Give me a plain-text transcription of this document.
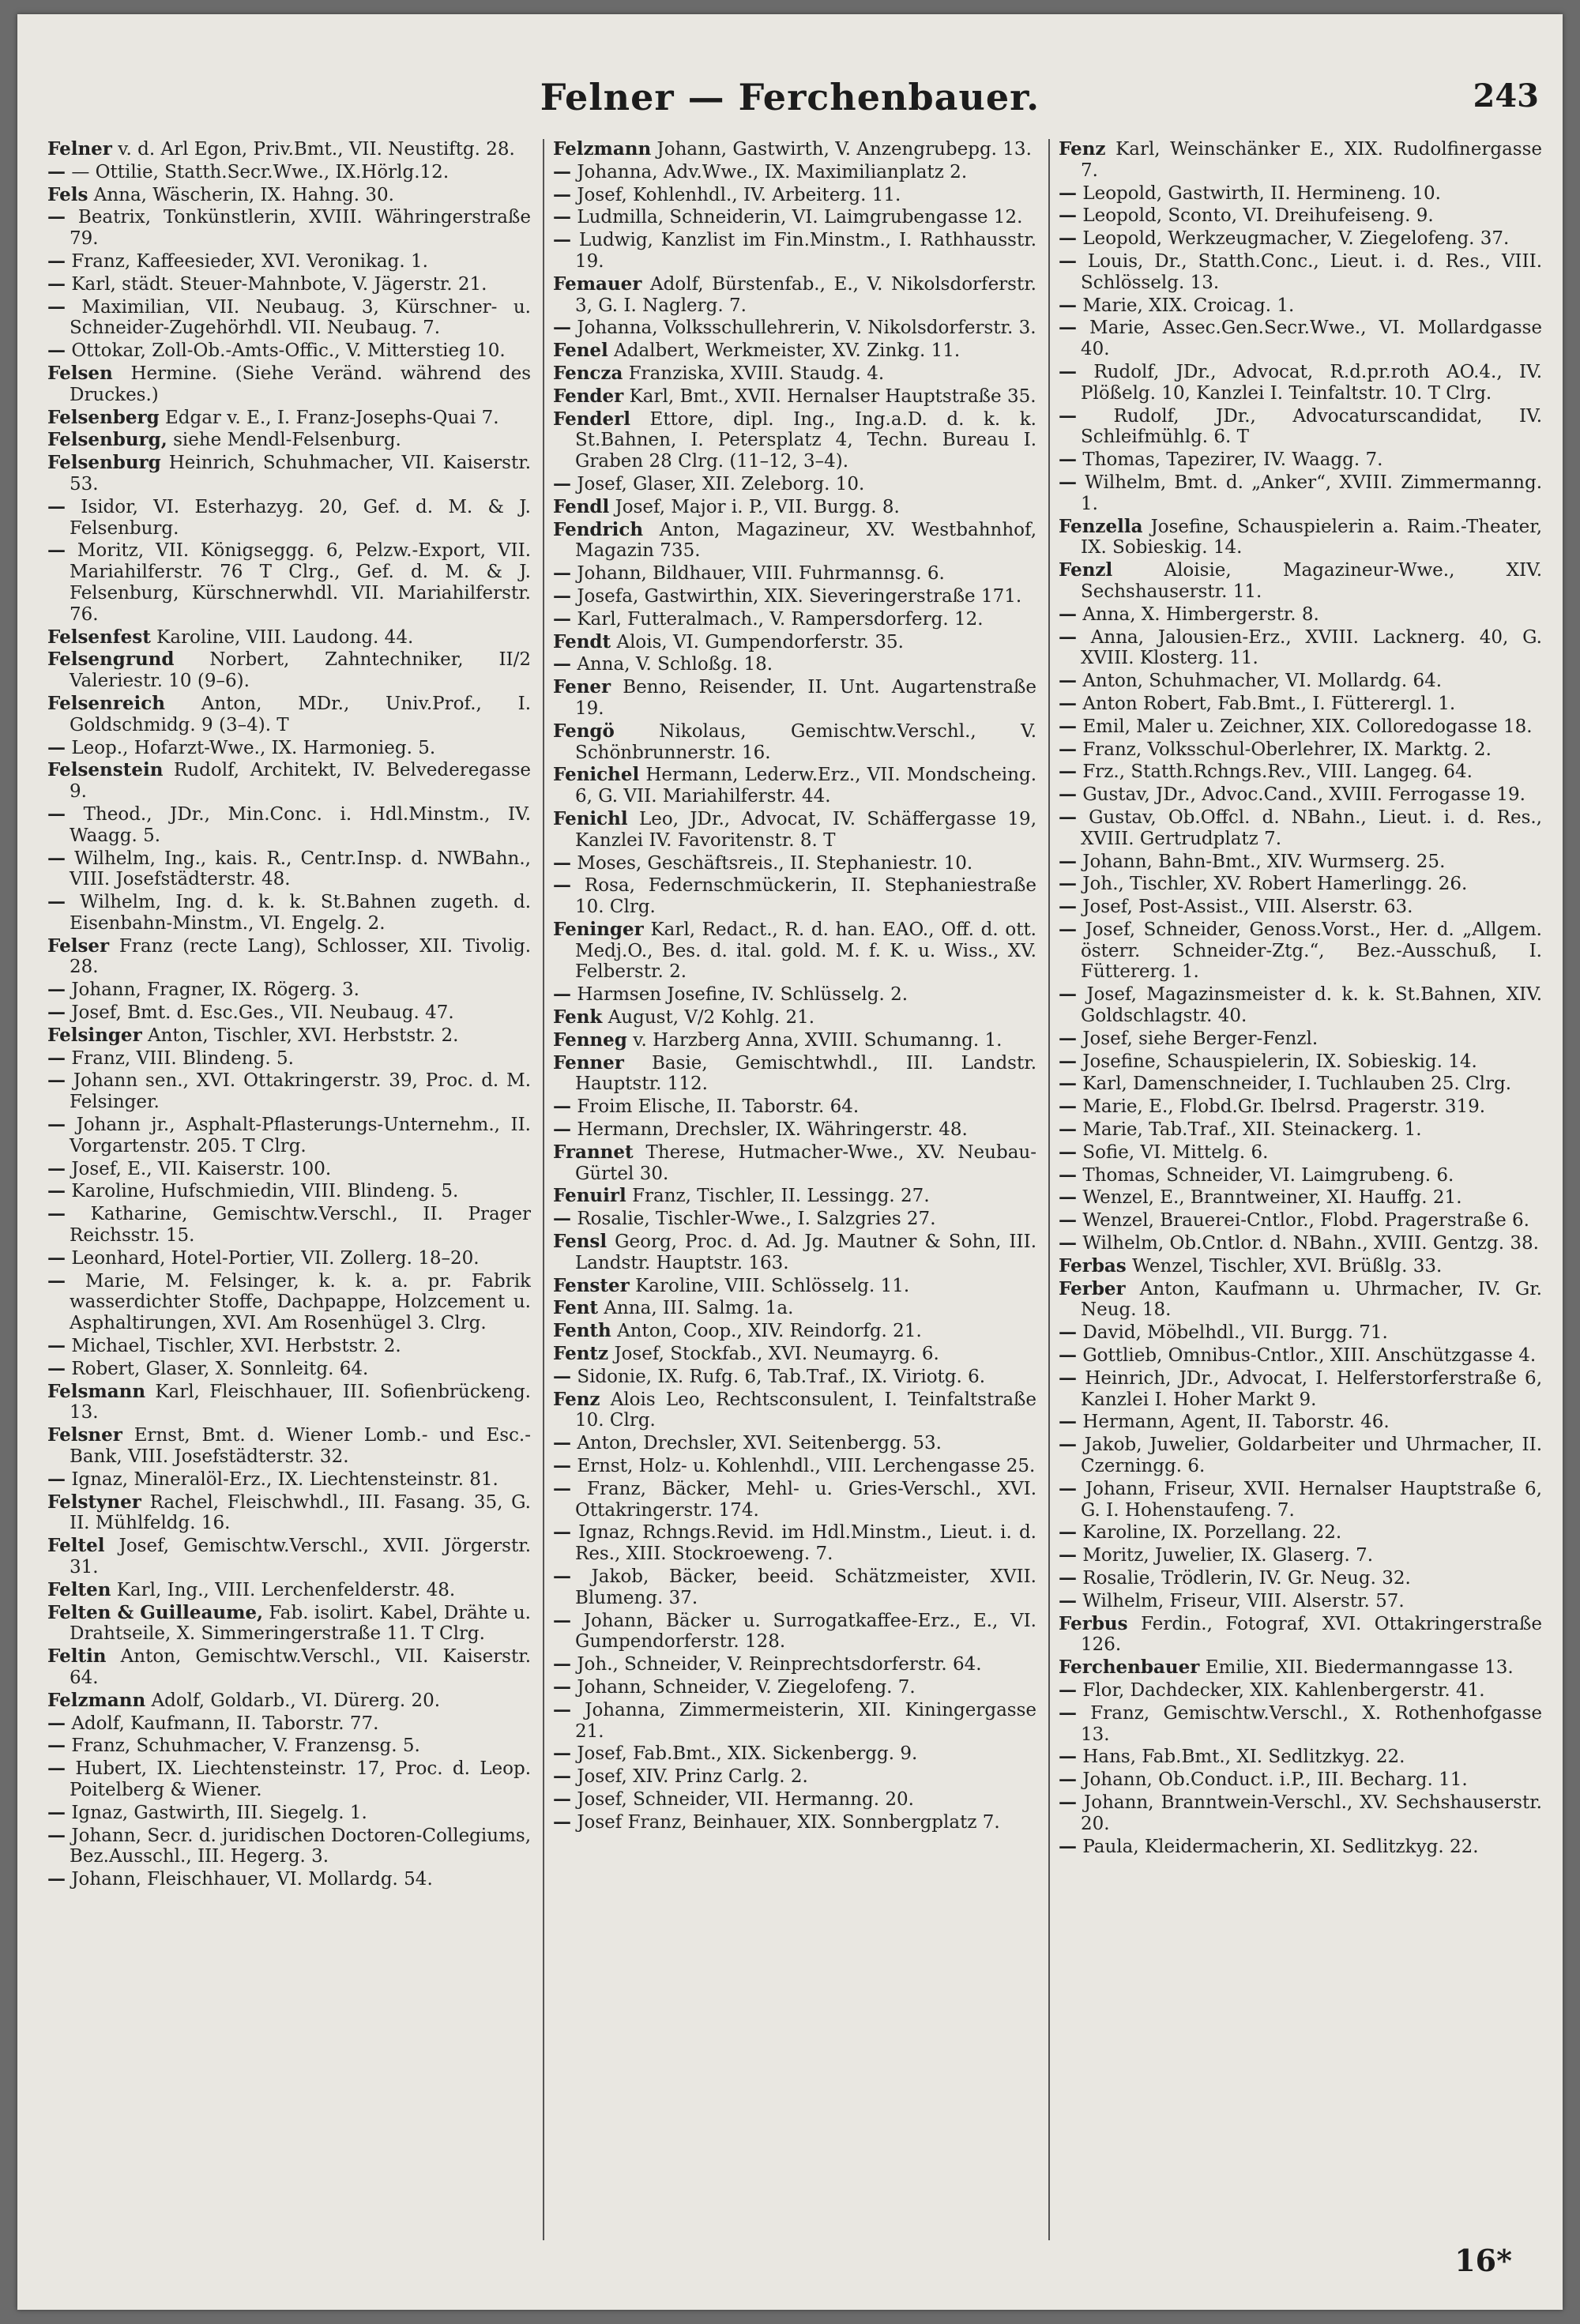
Felner — Ferchenbauer.	243
Felner v. d. Arl Egon, Priv.Bmt., VII. Neustiftg. 28.
— — Ottilie, Statth.Secr.Wwe., IX.Hörlg.12.
Fels Anna, Wäscherin, IX. Hahng. 30.
— Beatrix, Tonkünstlerin, XVIII. Währingerstraße 79.
— Franz, Kaffeesieder, XVI. Veronikag. 1.
— Karl, städt. Steuer-Mahnbote, V. Jägerstr. 21.
— Maximilian, VII. Neubaug. 3, Kürschner- u. Schneider-Zugehörhdl. VII. Neubaug. 7.
— Ottokar, Zoll-Ob.-Amts-Offic., V. Mitterstieg 10.
Felsen Hermine. (Siehe Veränd. während des Druckes.)
Felsenberg Edgar v. E., I. Franz-Josephs-Quai 7.
Felsenburg, siehe Mendl-Felsenburg.
Felsenburg Heinrich, Schuhmacher, VII. Kaiserstr. 53.
— Isidor, VI. Esterhazyg. 20, Gef. d. M. & J. Felsenburg.
— Moritz, VII. Königseggg. 6, Pelzw.-Export, VII. Mariahilferstr. 76 T Clrg., Gef. d. M. & J. Felsenburg, Kürschnerwhdl. VII. Mariahilferstr. 76.
Felsenfest Karoline, VIII. Laudong. 44.
Felsengrund Norbert, Zahntechniker, II/2 Valeriestr. 10 (9–6).
Felsenreich Anton, MDr., Univ.Prof., I. Goldschmidg. 9 (3–4). T
— Leop., Hofarzt-Wwe., IX. Harmonieg. 5.
Felsenstein Rudolf, Architekt, IV. Belvederegasse 9.
— Theod., JDr., Min.Conc. i. Hdl.Minstm., IV. Waagg. 5.
— Wilhelm, Ing., kais. R., Centr.Insp. d. NWBahn., VIII. Josefstädterstr. 48.
— Wilhelm, Ing. d. k. k. St.Bahnen zugeth. d. Eisenbahn-Minstm., VI. Engelg. 2.
Felser Franz (recte Lang), Schlosser, XII. Tivolig. 28.
— Johann, Fragner, IX. Rögerg. 3.
— Josef, Bmt. d. Esc.Ges., VII. Neubaug. 47.
Felsinger Anton, Tischler, XVI. Herbststr. 2.
— Franz, VIII. Blindeng. 5.
— Johann sen., XVI. Ottakringerstr. 39, Proc. d. M. Felsinger.
— Johann jr., Asphalt-Pflasterungs-Unternehm., II. Vorgartenstr. 205. T Clrg.
— Josef, E., VII. Kaiserstr. 100.
— Karoline, Hufschmiedin, VIII. Blindeng. 5.
— Katharine, Gemischtw.Verschl., II. Prager Reichsstr. 15.
— Leonhard, Hotel-Portier, VII. Zollerg. 18–20.
— Marie, M. Felsinger, k. k. a. pr. Fabrik wasserdichter Stoffe, Dachpappe, Holzcement u. Asphaltirungen, XVI. Am Rosenhügel 3. Clrg.
— Michael, Tischler, XVI. Herbststr. 2.
— Robert, Glaser, X. Sonnleitg. 64.
Felsmann Karl, Fleischhauer, III. Sofienbrückeng. 13.
Felsner Ernst, Bmt. d. Wiener Lomb.- und Esc.-Bank, VIII. Josefstädterstr. 32.
— Ignaz, Mineralöl-Erz., IX. Liechtensteinstr. 81.
Felstyner Rachel, Fleischwhdl., III. Fasang. 35, G. II. Mühlfeldg. 16.
Feltel Josef, Gemischtw.Verschl., XVII. Jörgerstr. 31.
Felten Karl, Ing., VIII. Lerchenfelderstr. 48.
Felten & Guilleaume, Fab. isolirt. Kabel, Drähte u. Drahtseile, X. Simmeringerstraße 11. T Clrg.
Feltin Anton, Gemischtw.Verschl., VII. Kaiserstr. 64.
Felzmann Adolf, Goldarb., VI. Dürerg. 20.
— Adolf, Kaufmann, II. Taborstr. 77.
— Franz, Schuhmacher, V. Franzensg. 5.
— Hubert, IX. Liechtensteinstr. 17, Proc. d. Leop. Poitelberg & Wiener.
— Ignaz, Gastwirth, III. Siegelg. 1.
— Johann, Secr. d. juridischen Doctoren-Collegiums, Bez.Ausschl., III. Hegerg. 3.
— Johann, Fleischhauer, VI. Mollardg. 54.
Felzmann Johann, Gastwirth, V. Anzengrubерg. 13.
— Johanna, Adv.Wwe., IX. Maximilianplatz 2.
— Josef, Kohlenhdl., IV. Arbeiterg. 11.
— Ludmilla, Schneiderin, VI. Laimgrubengasse 12.
— Ludwig, Kanzlist im Fin.Minstm., I. Rathhausstr. 19.
Femauer Adolf, Bürstenfab., E., V. Nikolsdorferstr. 3, G. I. Naglerg. 7.
— Johanna, Volksschullehrerin, V. Nikolsdorferstr. 3.
Fenel Adalbert, Werkmeister, XV. Zinkg. 11.
Fencza Franziska, XVIII. Staudg. 4.
Fender Karl, Bmt., XVII. Hernalser Hauptstraße 35.
Fenderl Ettore, dipl. Ing., Ing.a.D. d. k. k. St.Bahnen, I. Petersplatz 4, Techn. Bureau I. Graben 28 Clrg. (11–12, 3–4).
— Josef, Glaser, XII. Zeleborg. 10.
Fendl Josef, Major i. P., VII. Burgg. 8.
Fendrich Anton, Magazineur, XV. Westbahnhof, Magazin 735.
— Johann, Bildhauer, VIII. Fuhrmannsg. 6.
— Josefa, Gastwirthin, XIX. Sieveringerstraße 171.
— Karl, Futteralmach., V. Rampersdorferg. 12.
Fendt Alois, VI. Gumpendorferstr. 35.
— Anna, V. Schloßg. 18.
Fener Benno, Reisender, II. Unt. Augartenstraße 19.
Fengö Nikolaus, Gemischtw.Verschl., V. Schönbrunnerstr. 16.
Fenichel Hermann, Lederw.Erz., VII. Mondscheing. 6, G. VII. Mariahilferstr. 44.
Fenichl Leo, JDr., Advocat, IV. Schäffergasse 19, Kanzlei IV. Favoritenstr. 8. T
— Moses, Geschäftsreis., II. Stephaniestr. 10.
— Rosa, Federnschmückerin, II. Stephaniestraße 10. Clrg.
Feninger Karl, Redact., R. d. han. EAO., Off. d. ott. Medj.O., Bes. d. ital. gold. M. f. K. u. Wiss., XV. Felberstr. 2.
— Harmsen Josefine, IV. Schlüsselg. 2.
Fenk August, V/2 Kohlg. 21.
Fenneg v. Harzberg Anna, XVIII. Schumanng. 1.
Fenner Basie, Gemischtwhdl., III. Landstr. Hauptstr. 112.
— Froim Elische, II. Taborstr. 64.
— Hermann, Drechsler, IX. Währingerstr. 48.
Frannet Therese, Hutmacher-Wwe., XV. Neubau-Gürtel 30.
Fenuirl Franz, Tischler, II. Lessingg. 27.
— Rosalie, Tischler-Wwe., I. Salzgries 27.
Fensl Georg, Proc. d. Ad. Jg. Mautner & Sohn, III. Landstr. Hauptstr. 163.
Fenster Karoline, VIII. Schlösselg. 11.
Fent Anna, III. Salmg. 1a.
Fenth Anton, Coop., XIV. Reindorfg. 21.
Fentz Josef, Stockfab., XVI. Neumayrg. 6.
— Sidonie, IX. Rufg. 6, Tab.Traf., IX. Viriotg. 6.
Fenz Alois Leo, Rechtsconsulent, I. Teinfaltstraße 10. Clrg.
— Anton, Drechsler, XVI. Seitenbergg. 53.
— Ernst, Holz- u. Kohlenhdl., VIII. Lerchengasse 25.
— Franz, Bäcker, Mehl- u. Gries-Verschl., XVI. Ottakringerstr. 174.
— Ignaz, Rchngs.Revid. im Hdl.Minstm., Lieut. i. d. Res., XIII. Stockroeweng. 7.
— Jakob, Bäcker, beeid. Schätzmeister, XVII. Blumeng. 37.
— Johann, Bäcker u. Surrogatkaffee-Erz., E., VI. Gumpendorferstr. 128.
— Joh., Schneider, V. Reinprechtsdorferstr. 64.
— Johann, Schneider, V. Ziegelofeng. 7.
— Johanna, Zimmermeisterin, XII. Kiningergasse 21.
— Josef, Fab.Bmt., XIX. Sickenbergg. 9.
— Josef, XIV. Prinz Carlg. 2.
— Josef, Schneider, VII. Hermanng. 20.
— Josef Franz, Beinhauer, XIX. Sonnbergplatz 7.
Fenz Karl, Weinschänker E., XIX. Rudolfinergasse 7.
— Leopold, Gastwirth, II. Hermineng. 10.
— Leopold, Sconto, VI. Dreihufeiseng. 9.
— Leopold, Werkzeugmacher, V. Ziegelofeng. 37.
— Louis, Dr., Statth.Conc., Lieut. i. d. Res., VIII. Schlösselg. 13.
— Marie, XIX. Croicag. 1.
— Marie, Assec.Gen.Secr.Wwe., VI. Mollardgasse 40.
— Rudolf, JDr., Advocat, R.d.pr.roth AO.4., IV. Plößelg. 10, Kanzlei I. Teinfaltstr. 10. T Clrg.
— Rudolf, JDr., Advocaturscandidat, IV. Schleifmühlg. 6. T
— Thomas, Tapezirer, IV. Waagg. 7.
— Wilhelm, Bmt. d. „Anker“, XVIII. Zimmermanng. 1.
Fenzella Josefine, Schauspielerin a. Raim.-Theater, IX. Sobieskig. 14.
Fenzl	Aloisie, Magazineur-Wwe., XIV. Sechshauserstr. 11.
— Anna, X. Himbergerstr. 8.
— Anna, Jalousien-Erz., XVIII. Lacknerg. 40, G. XVIII. Klosterg. 11.
— Anton, Schuhmacher, VI. Mollardg. 64.
— Anton Robert, Fab.Bmt., I. Fütterergl. 1.
— Emil, Maler u. Zeichner, XIX. Colloredogasse 18.
— Franz, Volksschul-Oberlehrer, IX. Marktg. 2.
— Frz., Statth.Rchngs.Rev., VIII. Langeg. 64.
— Gustav, JDr., Advoc.Cand., XVIII. Ferrogasse 19.
— Gustav, Ob.Offcl. d. NBahn., Lieut. i. d. Res., XVIII. Gertrudplatz 7.
— Johann, Bahn-Bmt., XIV. Wurmserg. 25.
— Joh., Tischler, XV. Robert Hamerlingg. 26.
— Josef, Post-Assist., VIII. Alserstr. 63.
— Josef, Schneider, Genoss.Vorst., Her. d. „Allgem. österr. Schneider-Ztg.“, Bez.-Ausschuß, I. Füttererg. 1.
— Josef, Magazinsmeister d. k. k. St.Bahnen, XIV. Goldschlagstr. 40.
— Josef, siehe Berger-Fenzl.
— Josefine, Schauspielerin, IX. Sobieskig. 14.
— Karl, Damenschneider, I. Tuchlauben 25. Clrg.
— Marie, E., Flobd.Gr. Ibelrsd. Pragerstr. 319.
— Marie, Tab.Traf., XII. Steinackerg. 1.
— Sofie, VI. Mittelg. 6.
— Thomas, Schneider, VI. Laimgrubeng. 6.
— Wenzel, E., Branntweiner, XI. Hauffg. 21.
— Wenzel, Brauerei-Cntlor., Flobd. Pragerstraße 6.
— Wilhelm, Ob.Cntlor. d. NBahn., XVIII. Gentzg. 38.
Ferbas Wenzel, Tischler, XVI. Brüßlg. 33.
Ferber Anton, Kaufmann u. Uhrmacher, IV. Gr. Neug. 18.
— David, Möbelhdl., VII. Burgg. 71.
— Gottlieb, Omnibus-Cntlor., XIII. Anschützgasse 4.
— Heinrich, JDr., Advocat, I. Helferstorferstraße 6, Kanzlei I. Hoher Markt 9.
— Hermann, Agent, II. Taborstr. 46.
— Jakob, Juwelier, Goldarbeiter und Uhrmacher, II. Czerningg. 6.
— Johann, Friseur, XVII. Hernalser Hauptstraße 6, G. I. Hohenstaufeng. 7.
— Karoline, IX. Porzellang. 22.
— Moritz, Juwelier, IX. Glaserg. 7.
— Rosalie, Trödlerin, IV. Gr. Neug. 32.
— Wilhelm, Friseur, VIII. Alserstr. 57.
Ferbus Ferdin., Fotograf, XVI. Ottakringerstraße 126.
Ferchenbauer Emilie, XII. Biedermanngasse 13.
— Flor, Dachdecker, XIX. Kahlenbergerstr. 41.
— Franz, Gemischtw.Verschl., X. Rothenhofgasse 13.
— Hans, Fab.Bmt., XI. Sedlitzkyg. 22.
— Johann, Ob.Conduct. i.P., III. Becharg. 11.
— Johann, Branntwein-Verschl., XV. Sechshauserstr. 20.
— Paula, Kleidermacherin, XI. Sedlitzkyg. 22.
16*
